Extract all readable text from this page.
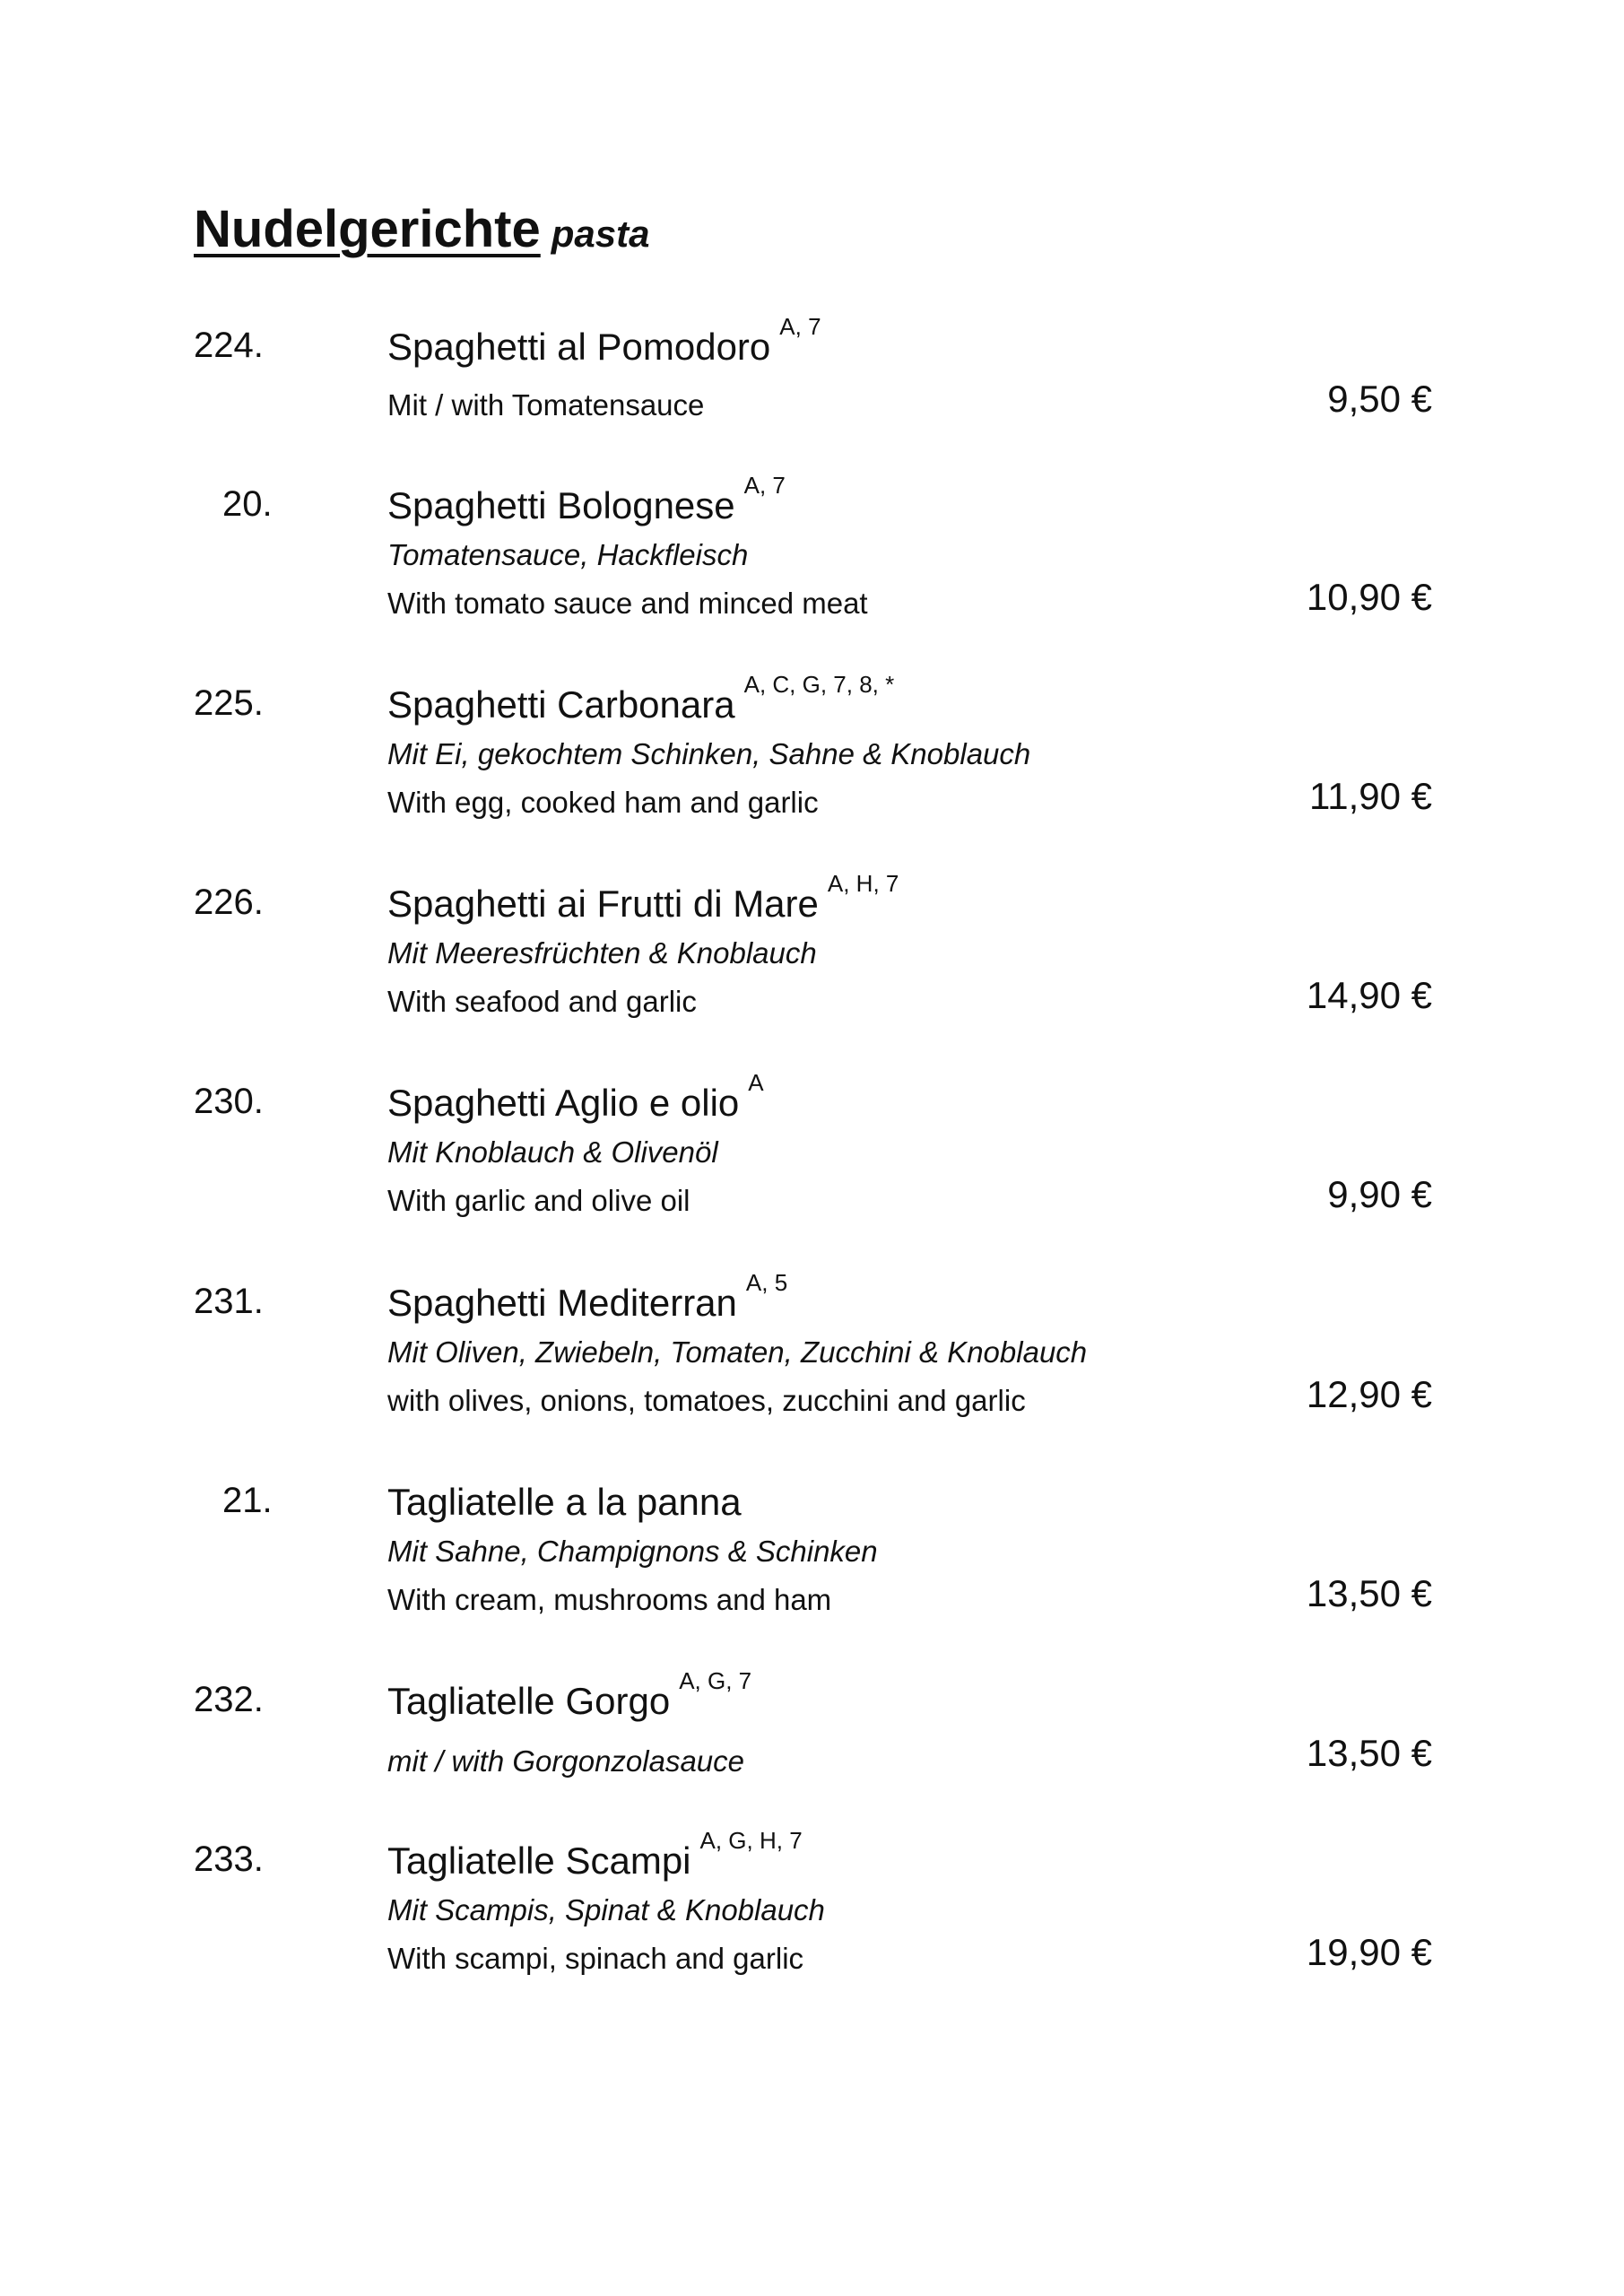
Nudelgerichte pasta
224.	Spaghetti al Pomodoro $^{A, 7}$
Mit / with Tomatensauce	9,50 €
20.	Spaghetti Bolognese $^{A, 7}$
Tomatensauce, Hackfleisch
With tomato sauce and minced meat	10,90 €
225.	Spaghetti Carbonara $^{A, C, G, 7, 8, *}$
Mit Ei, gekochtem Schinken, Sahne & Knoblauch
With egg, cooked ham and garlic	11,90 €
226.	Spaghetti ai Frutti di Mare $^{A, H, 7}$
Mit Meeresfrüchten & Knoblauch
With seafood and garlic	14,90 €
230.	Spaghetti Aglio e olio $^A$
Mit Knoblauch & Olivenöl
With garlic and olive oil	9,90 €
231.	Spaghetti Mediterran $^{A, 5}$
Mit Oliven, Zwiebeln, Tomaten, Zucchini & Knoblauch
with olives, onions, tomatoes, zucchini and garlic	12,90 €
21.	Tagliatelle a la panna
Mit Sahne, Champignons & Schinken
With cream, mushrooms and ham	13,50 €
232.	Tagliatelle Gorgo $^{A, G, 7}$
mit / with Gorgonzolasauce	13,50 €
233.	Tagliatelle Scampi $^{A, G, H, 7}$
Mit Scampis, Spinat & Knoblauch
With scampi, spinach and garlic	19,90 €
